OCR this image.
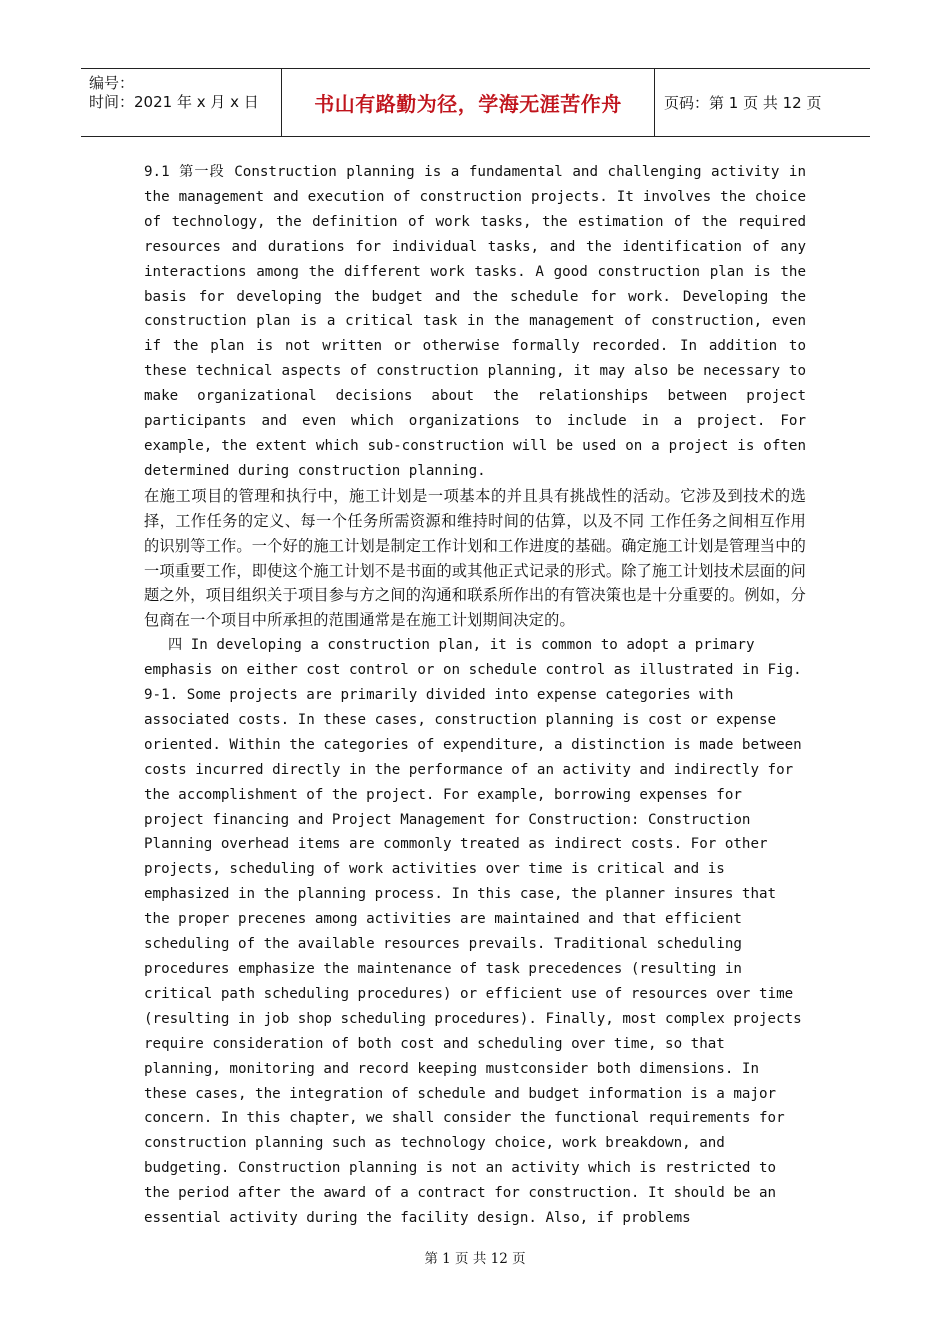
编号：
时间：2021 年 x 月 x 日	书山有路勤为径，学海无涯苦作舟	页码：第 1 页 共 12 页

9.1 第一段 Construction planning is a fundamental and challenging activity in the management and execution of construction projects. It involves the choice of technology, the definition of work tasks, the estimation of the required resources and durations for individual tasks, and the identification of any interactions among the different work tasks. A good construction plan is the basis for developing the budget and the schedule for work. Developing the construction plan is a critical task in the management of construction, even if the plan is not written or otherwise formally recorded. In addition to these technical aspects of construction planning, it may also be necessary to make organizational decisions about the relationships between project participants and even which organizations to include in a project. For example, the extent which sub-construction will be used on a project is often determined during construction planning.

在施工项目的管理和执行中，施工计划是一项基本的并且具有挑战性的活动。它涉及到技术的选择，工作任务的定义、每一个任务所需资源和维持时间的估算，以及不同 工作任务之间相互作用的识别等工作。一个好的施工计划是制定工作计划和工作进度的基础。确定施工计划是管理当中的一项重要工作，即使这个施工计划不是书面的或其他正式记录的形式。除了施工计划技术层面的问题之外，项目组织关于项目参与方之间的沟通和联系所作出的有管决策也是十分重要的。例如，分包商在一个项目中所承担的范围通常是在施工计划期间决定的。

四 In developing a construction plan, it is common to adopt a primary emphasis on either cost control or on schedule control as illustrated in Fig. 9-1. Some projects are primarily divided into expense categories with associated costs. In these cases, construction planning is cost or expense oriented. Within the categories of expenditure, a distinction is made between costs incurred directly in the performance of an activity and indirectly for the accomplishment of the project. For example, borrowing expenses for project financing and Project Management for Construction: Construction Planning overhead items are commonly treated as indirect costs. For other projects, scheduling of work activities over time is critical and is emphasized in the planning process. In this case, the planner insures that the proper precenes among activities are maintained and that efficient scheduling of the available resources prevails. Traditional scheduling procedures emphasize the maintenance of task precedences (resulting in critical path scheduling procedures) or efficient use of resources over time (resulting in job shop scheduling procedures). Finally, most complex projects require consideration of both cost and scheduling over time, so that planning, monitoring and record keeping mustconsider both dimensions. In these cases, the integration of schedule and budget information is a major concern. In this chapter, we shall consider the functional requirements for construction planning such as technology choice, work breakdown, and budgeting. Construction planning is not an activity which is restricted to the period after the award of a contract for construction. It should be an essential activity during the facility design. Also, if problems

第 1 页 共 12 页
